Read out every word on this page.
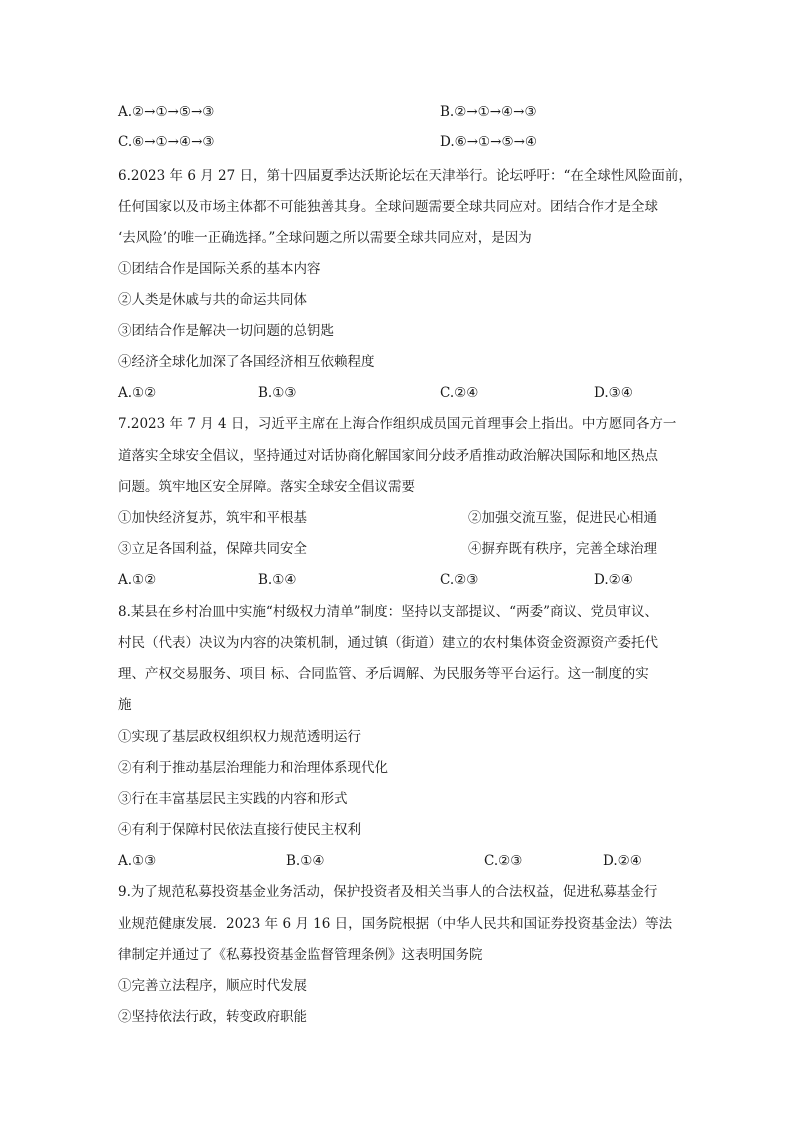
A.②→①→⑤→③	B.②→①→④→③
C.⑥→①→④→③	D.⑥→①→⑤→④
6.2023 年 6 月 27 日，第十四届夏季达沃斯论坛在天津举行。论坛呼吁：“在全球性风险面前，
任何国家以及市场主体都不可能独善其身。全球问题需要全球共同应对。团结合作才是全球
‘去风险’的唯一正确选择。”全球问题之所以需要全球共同应对，是因为
①团结合作是国际关系的基本内容
②人类是休戚与共的命运共同体
③团结合作是解决一切问题的总钥匙
④经济全球化加深了各国经济相互依赖程度
A.①②	B.①③	C.②④	D.③④
7.2023 年 7 月 4 日，习近平主席在上海合作组织成员国元首理事会上指出。中方愿同各方一
道落实全球安全倡议，坚持通过对话协商化解国家间分歧矛盾推动政治解决国际和地区热点
问题。筑牢地区安全屏障。落实全球安全倡议需要
①加快经济复苏，筑牢和平根基	②加强交流互鉴，促进民心相通
③立足各国利益，保障共同安全	④摒弃既有秩序，完善全球治理
A.①②	B.①④	C.②③	D.②④
8.某县在乡村冶皿中实施“村级权力清单”制度：坚持以支部提议、“两委”商议、党员审议、
村民（代表）决议为内容的决策机制，通过镇（街道）建立的农村集体资金资源资产委托代
理、产权交易服务、项目 标、合同监管、矛后调解、为民服务等平台运行。这一制度的实
施
①实现了基层政权组织权力规范透明运行
②有利于推动基层治理能力和治理体系现代化
③行在丰富基层民主实践的内容和形式
④有利于保障村民依法直接行使民主权利
A.①③	B.①④	C.②③	D.②④
9.为了规范私募投资基金业务活动，保护投资者及相关当事人的合法权益，促进私募基金行
业规范健康发展．2023 年 6 月 16 日，国务院根据（中华人民共和国证券投资基金法）等法
律制定并通过了《私募投资基金监督管理条例》这表明国务院
①完善立法程序，顺应时代发展
②坚持依法行政，转变政府职能
